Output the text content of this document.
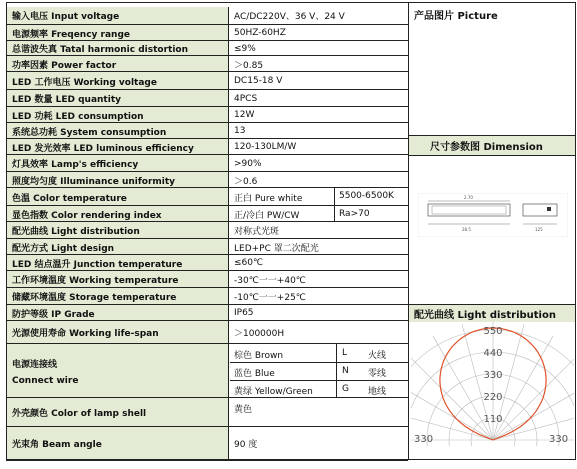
输入电压 Input voltage	AC/DC220V、36 V、24 V
电源频率 Freqency range	50HZ-60HZ
总谐波失真 Tatal harmonic distortion	≤9%
功率因素 Power factor	＞0.85
LED 工作电压 Working voltage	DC15-18 V
LED 数量 LED quantity	4PCS
LED 功耗 LED consumption	12W
系统总功耗 System consumption	13
LED 发光效率 LED luminous efficiency	120-130LM/W
灯具效率 Lamp's efficiency	>90%
照度均匀度 Illuminance uniformity	＞0.6
色温 Color temperature	正白 Pure white	5500-6500K
显色指数 Color rendering index	正/冷白 PW/CW	Ra>70
配光曲线 Light distribution	对称式光斑
配光方式 Light design	LED+PC 罩二次配光
LED 结点温升 Junction temperature	≤60℃
工作环境温度 Working temperature	-30℃一一+40℃
储藏环境温度 Storage temperature	-10℃一一+25℃
防护等级 IP Grade	IP65
光源使用寿命 Working life-span	＞100000H
电源连接线
Connect wire
棕色 Brown	L 火线
蓝色 Blue	N 零线
黄绿 Yellow/Green	G 地线
外壳颜色 Color of lamp shell	黄色
光束角 Beam angle	90 度
产品图片 Picture
尺寸参数图 Dimension
2.70
28.5	125
配光曲线 Light distribution
110
220
330
440
550
330	330
